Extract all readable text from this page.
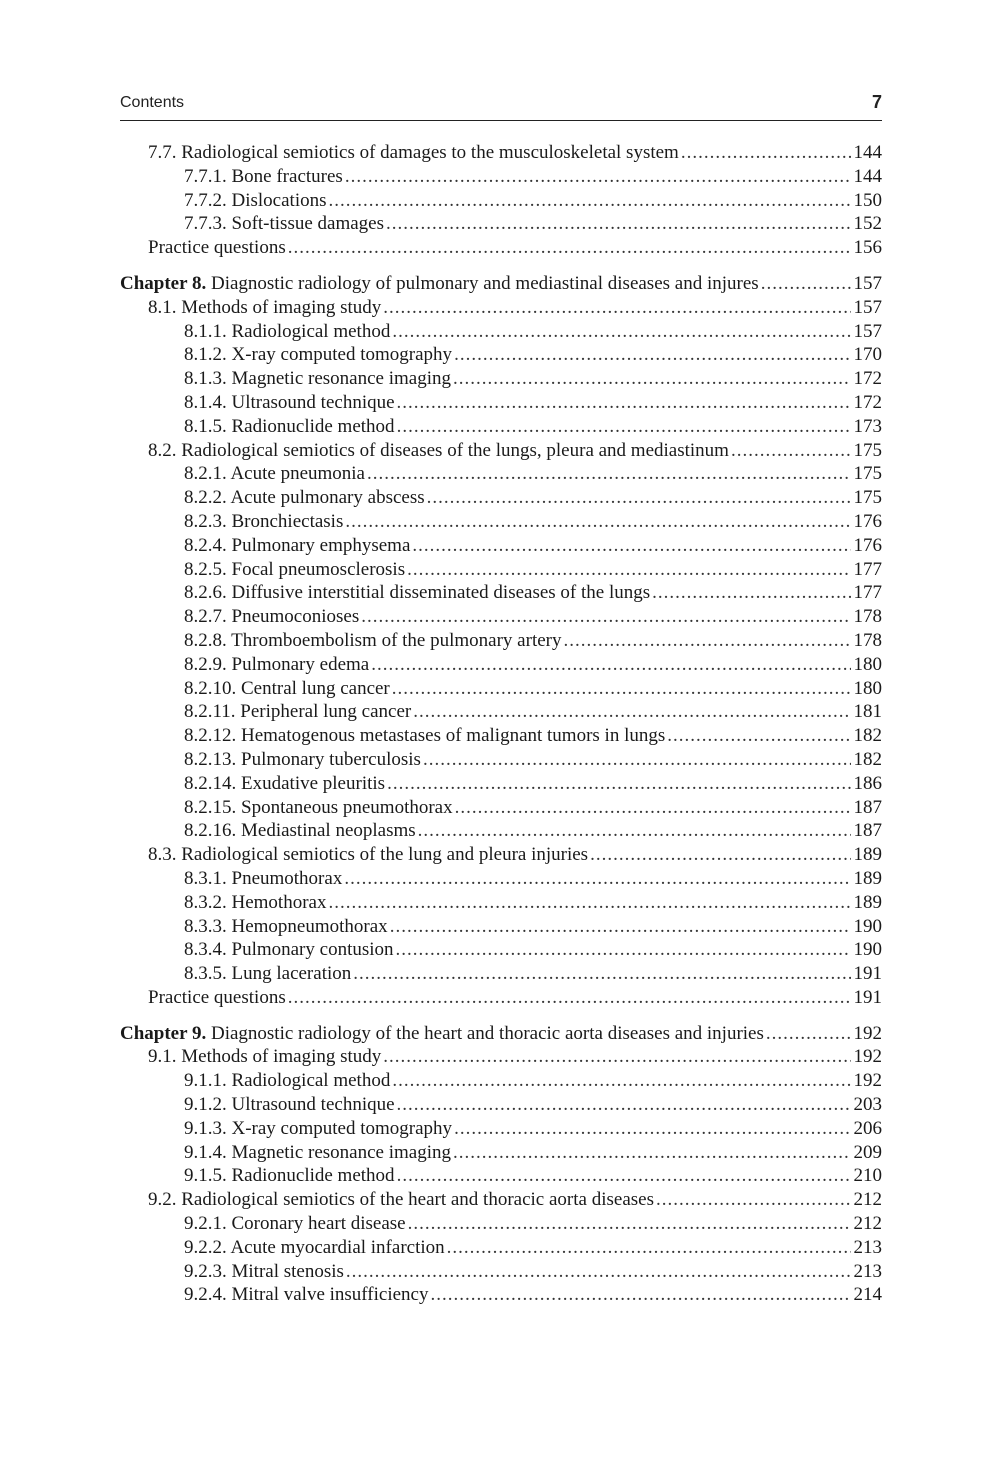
Contents	7
7.7. Radiological semiotics of damages to the musculoskeletal system .....	144
7.7.1. Bone fractures .....	144
7.7.2. Dislocations .....	150
7.7.3. Soft-tissue damages .....	152
Practice questions .....	156
Chapter 8. Diagnostic radiology of pulmonary and mediastinal diseases and injures .....	157
8.1. Methods of imaging study .....	157
8.1.1. Radiological method .....	157
8.1.2. X-ray computed tomography .....	170
8.1.3. Magnetic resonance imaging .....	172
8.1.4. Ultrasound technique .....	172
8.1.5. Radionuclide method .....	173
8.2. Radiological semiotics of diseases of the lungs, pleura and mediastinum .....	175
8.2.1. Acute pneumonia .....	175
8.2.2. Acute pulmonary abscess .....	175
8.2.3. Bronchiectasis .....	176
8.2.4. Pulmonary emphysema .....	176
8.2.5. Focal pneumosclerosis .....	177
8.2.6. Diffusive interstitial disseminated diseases of the lungs .....	177
8.2.7. Pneumoconioses .....	178
8.2.8. Thromboembolism of the pulmonary artery .....	178
8.2.9. Pulmonary edema .....	180
8.2.10. Central lung cancer .....	180
8.2.11. Peripheral lung cancer .....	181
8.2.12. Hematogenous metastases of malignant tumors in lungs .....	182
8.2.13. Pulmonary tuberculosis .....	182
8.2.14. Exudative pleuritis .....	186
8.2.15. Spontaneous pneumothorax .....	187
8.2.16. Mediastinal neoplasms .....	187
8.3. Radiological semiotics of the lung and pleura injuries .....	189
8.3.1. Pneumothorax .....	189
8.3.2. Hemothorax .....	189
8.3.3. Hemopneumothorax .....	190
8.3.4. Pulmonary contusion .....	190
8.3.5. Lung laceration .....	191
Practice questions .....	191
Chapter 9. Diagnostic radiology of the heart and thoracic aorta diseases and injuries .....	192
9.1. Methods of imaging study .....	192
9.1.1. Radiological method .....	192
9.1.2. Ultrasound technique .....	203
9.1.3. X-ray computed tomography .....	206
9.1.4. Magnetic resonance imaging .....	209
9.1.5. Radionuclide method .....	210
9.2. Radiological semiotics of the heart and thoracic aorta diseases .....	212
9.2.1. Coronary heart disease .....	212
9.2.2. Acute myocardial infarction .....	213
9.2.3. Mitral stenosis .....	213
9.2.4. Mitral valve insufficiency .....	214
